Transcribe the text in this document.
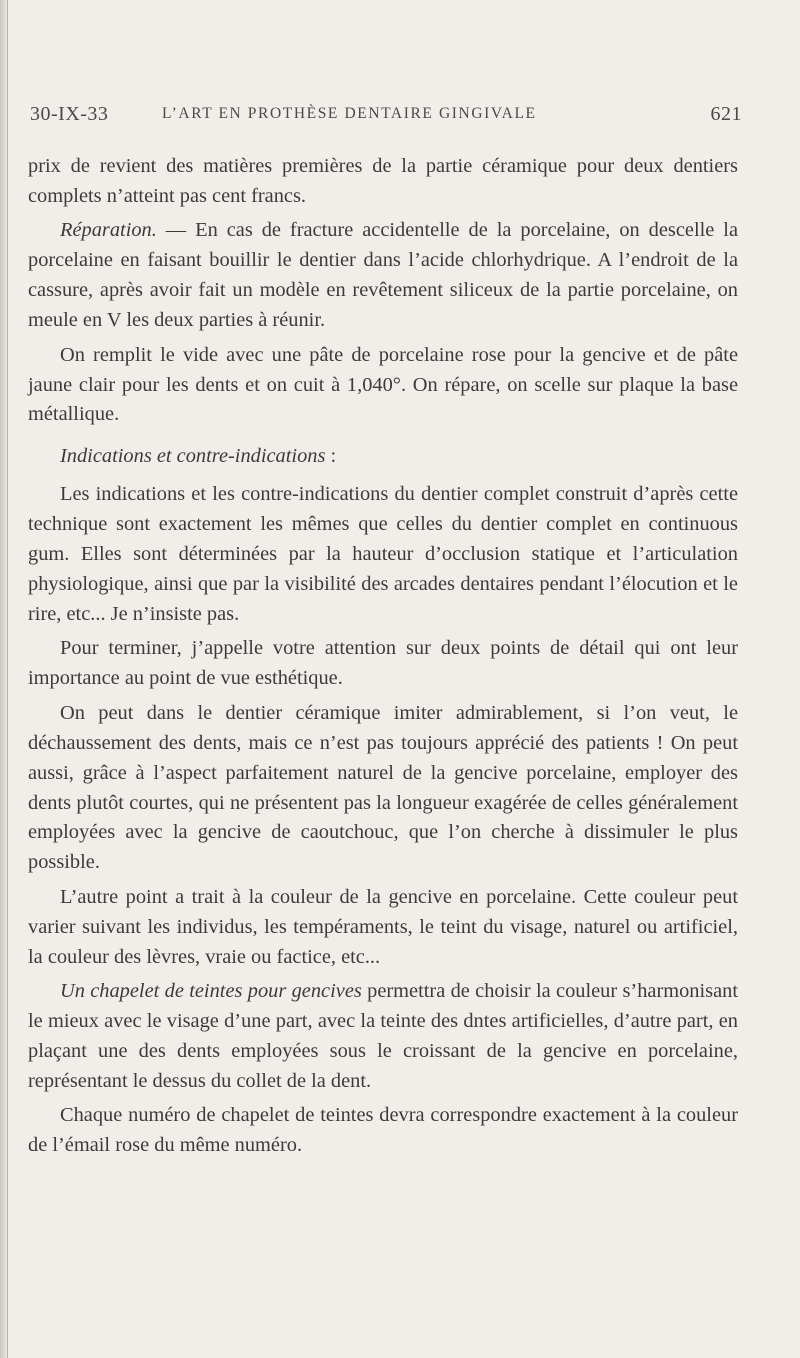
30-IX-33	L’ART EN PROTHÈSE DENTAIRE GINGIVALE	621

prix de revient des matières premières de la partie céramique pour deux dentiers complets n’atteint pas cent francs.

Réparation. — En cas de fracture accidentelle de la porcelaine, on descelle la porcelaine en faisant bouillir le dentier dans l’acide chlorhydrique. A l’endroit de la cassure, après avoir fait un modèle en revêtement siliceux de la partie porcelaine, on meule en V les deux parties à réunir.

On remplit le vide avec une pâte de porcelaine rose pour la gencive et de pâte jaune clair pour les dents et on cuit à 1,040°. On répare, on scelle sur plaque la base métallique.

Indications et contre-indications :

Les indications et les contre-indications du dentier complet construit d’après cette technique sont exactement les mêmes que celles du dentier complet en continuous gum. Elles sont déterminées par la hauteur d’occlusion statique et l’articulation physiologique, ainsi que par la visibilité des arcades dentaires pendant l’élocution et le rire, etc... Je n’insiste pas.

Pour terminer, j’appelle votre attention sur deux points de détail qui ont leur importance au point de vue esthétique.

On peut dans le dentier céramique imiter admirablement, si l’on veut, le déchaussement des dents, mais ce n’est pas toujours apprécié des patients ! On peut aussi, grâce à l’aspect parfaitement naturel de la gencive porcelaine, employer des dents plutôt courtes, qui ne présentent pas la longueur exagérée de celles généralement employées avec la gencive de caoutchouc, que l’on cherche à dissimuler le plus possible.

L’autre point a trait à la couleur de la gencive en porcelaine. Cette couleur peut varier suivant les individus, les tempéraments, le teint du visage, naturel ou artificiel, la couleur des lèvres, vraie ou factice, etc...

Un chapelet de teintes pour gencives permettra de choisir la couleur s’harmonisant le mieux avec le visage d’une part, avec la teinte des dntes artificielles, d’autre part, en plaçant une des dents employées sous le croissant de la gencive en porcelaine, représentant le dessus du collet de la dent.

Chaque numéro de chapelet de teintes devra correspondre exactement à la couleur de l’émail rose du même numéro.
